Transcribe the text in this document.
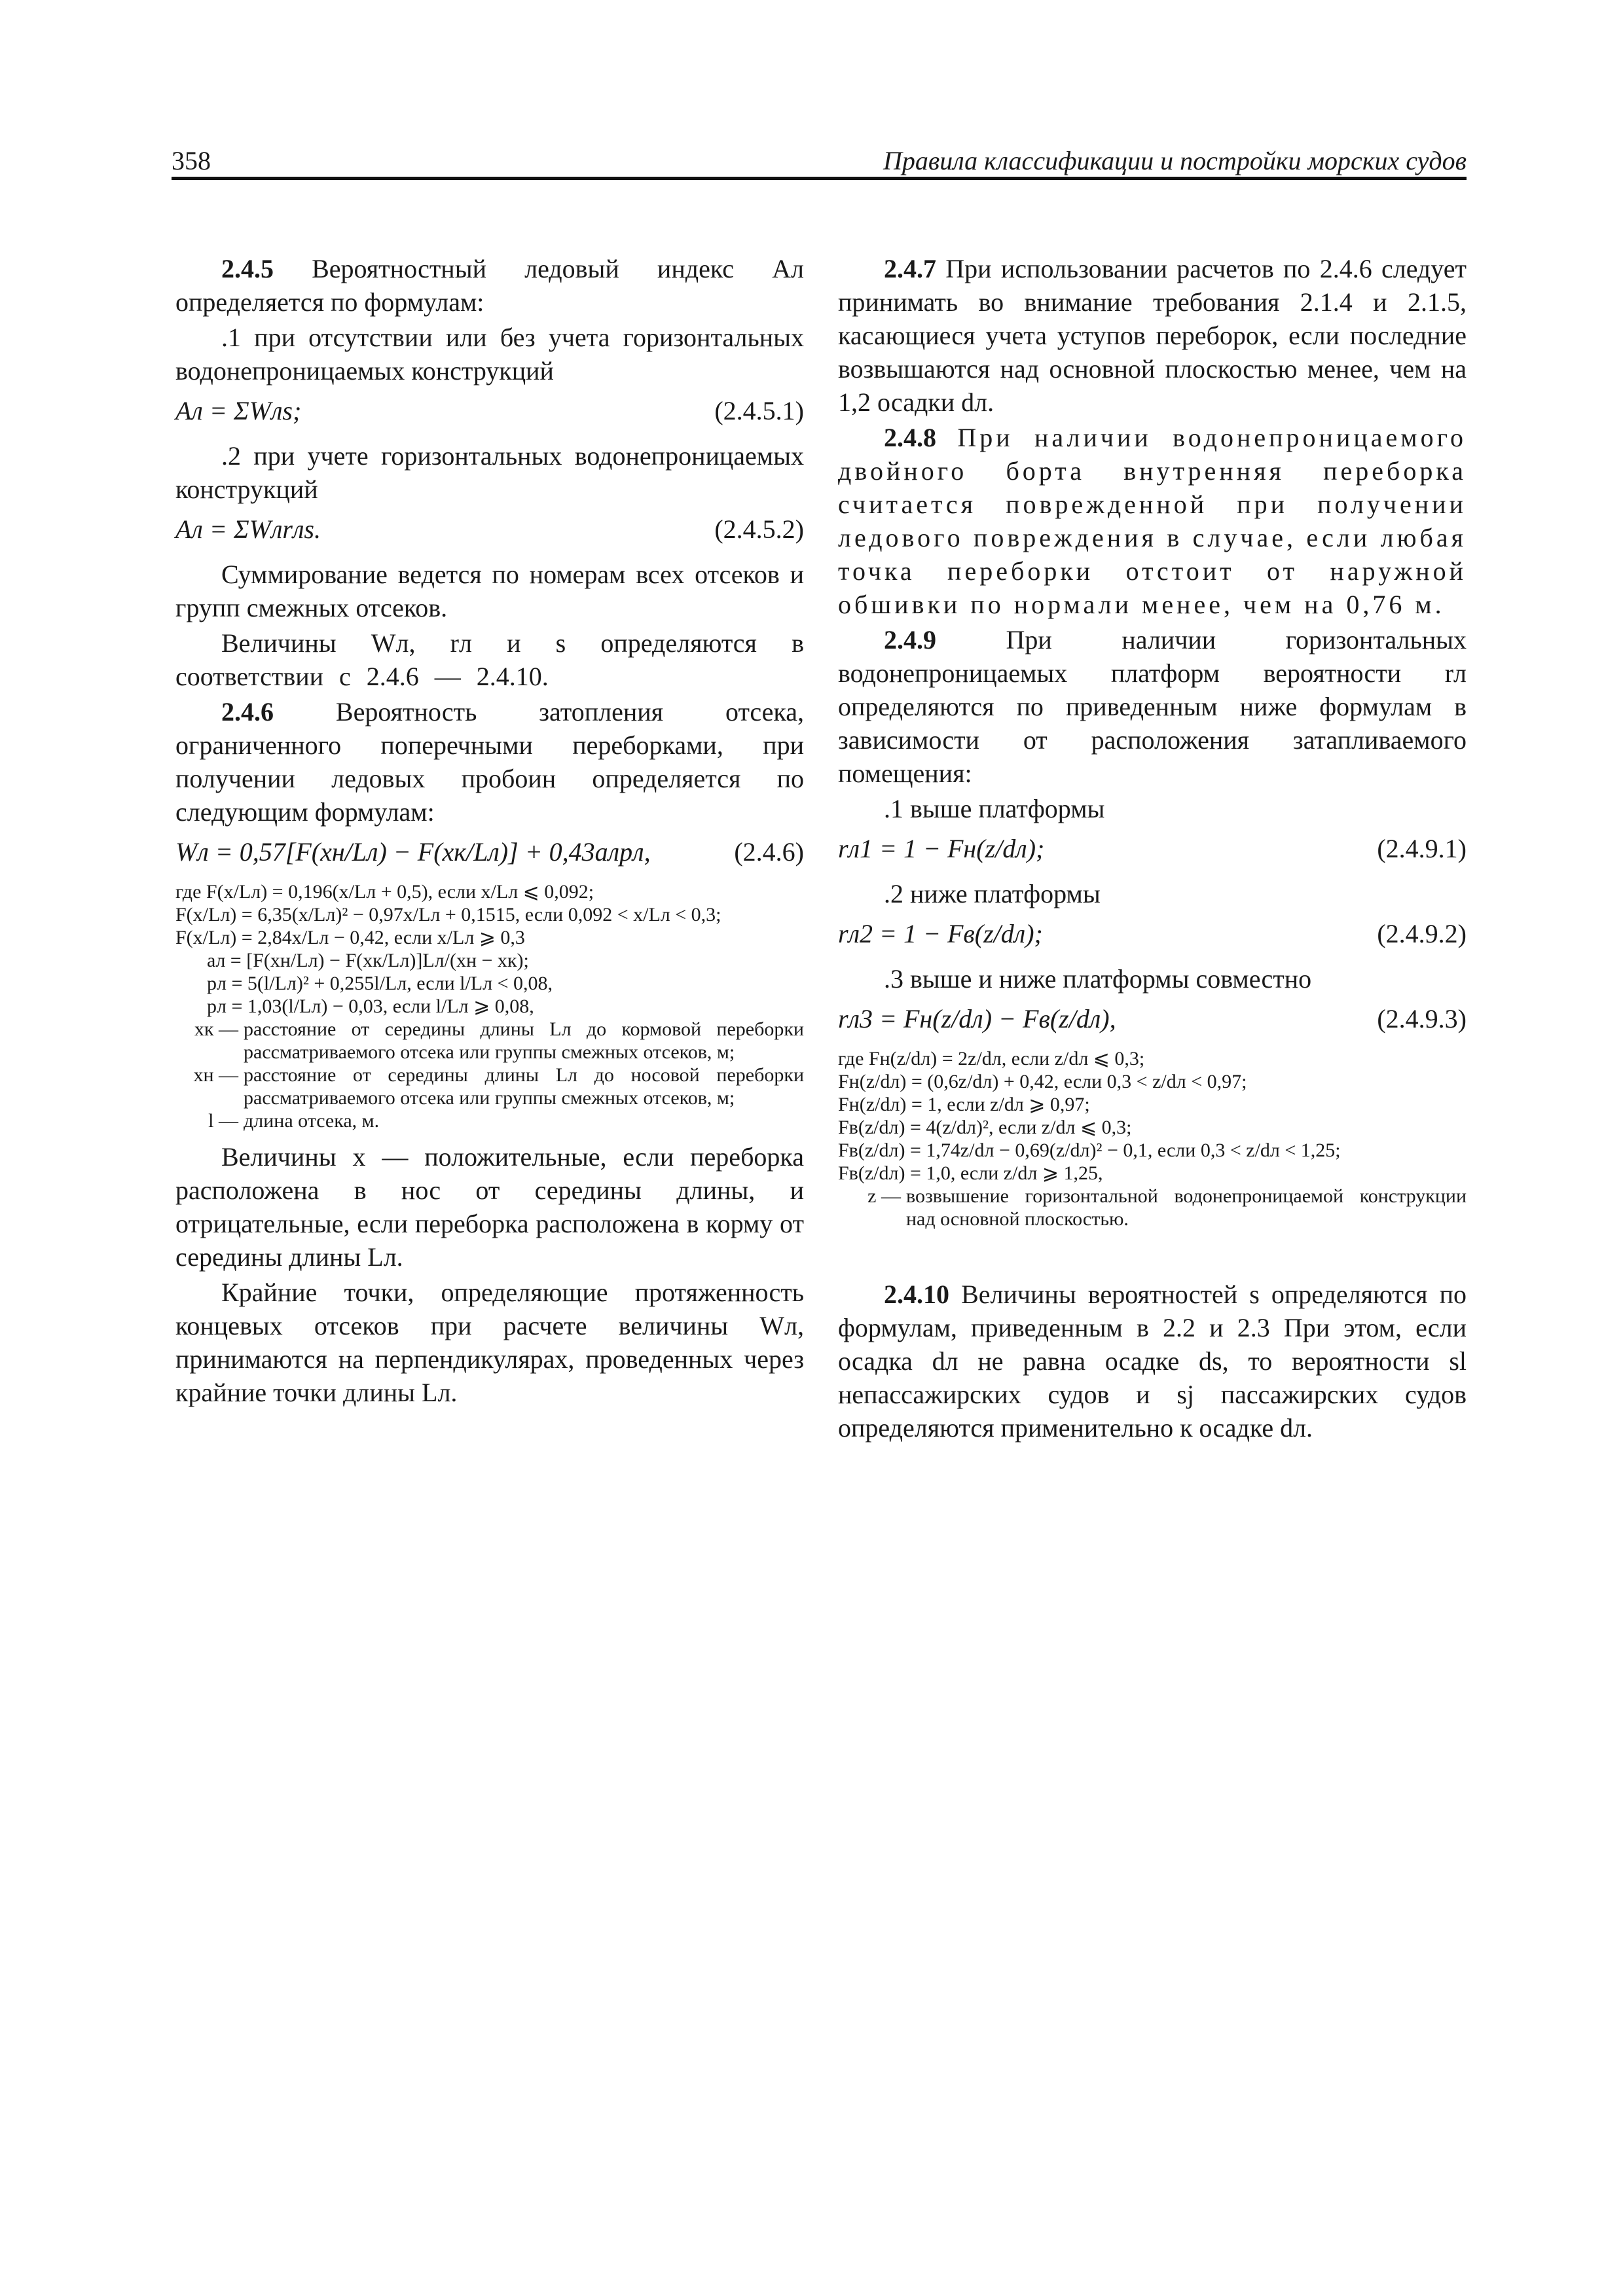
358	Правила классификации и постройки морских судов

2.4.5 Вероятностный ледовый индекс Aл определяется по формулам:

.1 при отсутствии или без учета горизонтальных водонепроницаемых конструкций

Aл = ΣWлs;	(2.4.5.1)

.2 при учете горизонтальных водонепроницаемых конструкций

Aл = ΣWлrлs.	(2.4.5.2)

Суммирование ведется по номерам всех отсеков и групп смежных отсеков.

Величины Wл, rл и s определяются в соответствии с 2.4.6 — 2.4.10.

2.4.6 Вероятность затопления отсека, ограниченного поперечными переборками, при получении ледовых пробоин определяется по следующим формулам:

Wл = 0,57[F(xн/Lл) − F(xк/Lл)] + 0,43aлpл,	(2.4.6)
где F(x/Lл) = 0,196(x/Lл + 0,5), если x/Lл ⩽ 0,092;
F(x/Lл) = 6,35(x/Lл)² − 0,97x/Lл + 0,1515, если 0,092 < x/Lл < 0,3;
F(x/Lл) = 2,84x/Lл − 0,42, если x/Lл ⩾ 0,3
aл = [F(xн/Lл) − F(xк/Lл)]Lл/(xн − xк);
pл = 5(l/Lл)² + 0,255l/Lл, если l/Lл < 0,08,
pл = 1,03(l/Lл) − 0,03, если l/Lл ⩾ 0,08,
xк — расстояние от середины длины Lл до кормовой переборки рассматриваемого отсека или группы смежных отсеков, м;
xн — расстояние от середины длины Lл до носовой переборки рассматриваемого отсека или группы смежных отсеков, м;
l — длина отсека, м.

Величины x — положительные, если переборка расположена в нос от середины длины, и отрицательные, если переборка расположена в корму от середины длины Lл.

Крайние точки, определяющие протяженность концевых отсеков при расчете величины Wл, принимаются на перпендикулярах, проведенных через крайние точки длины Lл.

2.4.7 При использовании расчетов по 2.4.6 следует принимать во внимание требования 2.1.4 и 2.1.5, касающиеся учета уступов переборок, если последние возвышаются над основной плоскостью менее, чем на 1,2 осадки dл.

2.4.8 При наличии водонепроницаемого двойного борта внутренняя переборка считается поврежденной при получении ледового повреждения в случае, если любая точка переборки отстоит от наружной обшивки по нормали менее, чем на 0,76 м.

2.4.9 При наличии горизонтальных водонепроницаемых платформ вероятности rл определяются по приведенным ниже формулам в зависимости от расположения затапливаемого помещения:

.1 выше платформы

rл1 = 1 − Fн(z/dл);	(2.4.9.1)

.2 ниже платформы

rл2 = 1 − Fв(z/dл);	(2.4.9.2)

.3 выше и ниже платформы совместно

rл3 = Fн(z/dл) − Fв(z/dл),	(2.4.9.3)
где Fн(z/dл) = 2z/dл, если z/dл ⩽ 0,3;
Fн(z/dл) = (0,6z/dл) + 0,42, если 0,3 < z/dл < 0,97;
Fн(z/dл) = 1, если z/dл ⩾ 0,97;
Fв(z/dл) = 4(z/dл)², если z/dл ⩽ 0,3;
Fв(z/dл) = 1,74z/dл − 0,69(z/dл)² − 0,1, если 0,3 < z/dл < 1,25;
Fв(z/dл) = 1,0, если z/dл ⩾ 1,25,
z — возвышение горизонтальной водонепроницаемой конструкции над основной плоскостью.

2.4.10 Величины вероятностей s определяются по формулам, приведенным в 2.2 и 2.3 При этом, если осадка dл не равна осадке ds, то вероятности sl непассажирских судов и sj пассажирских судов определяются применительно к осадке dл.
